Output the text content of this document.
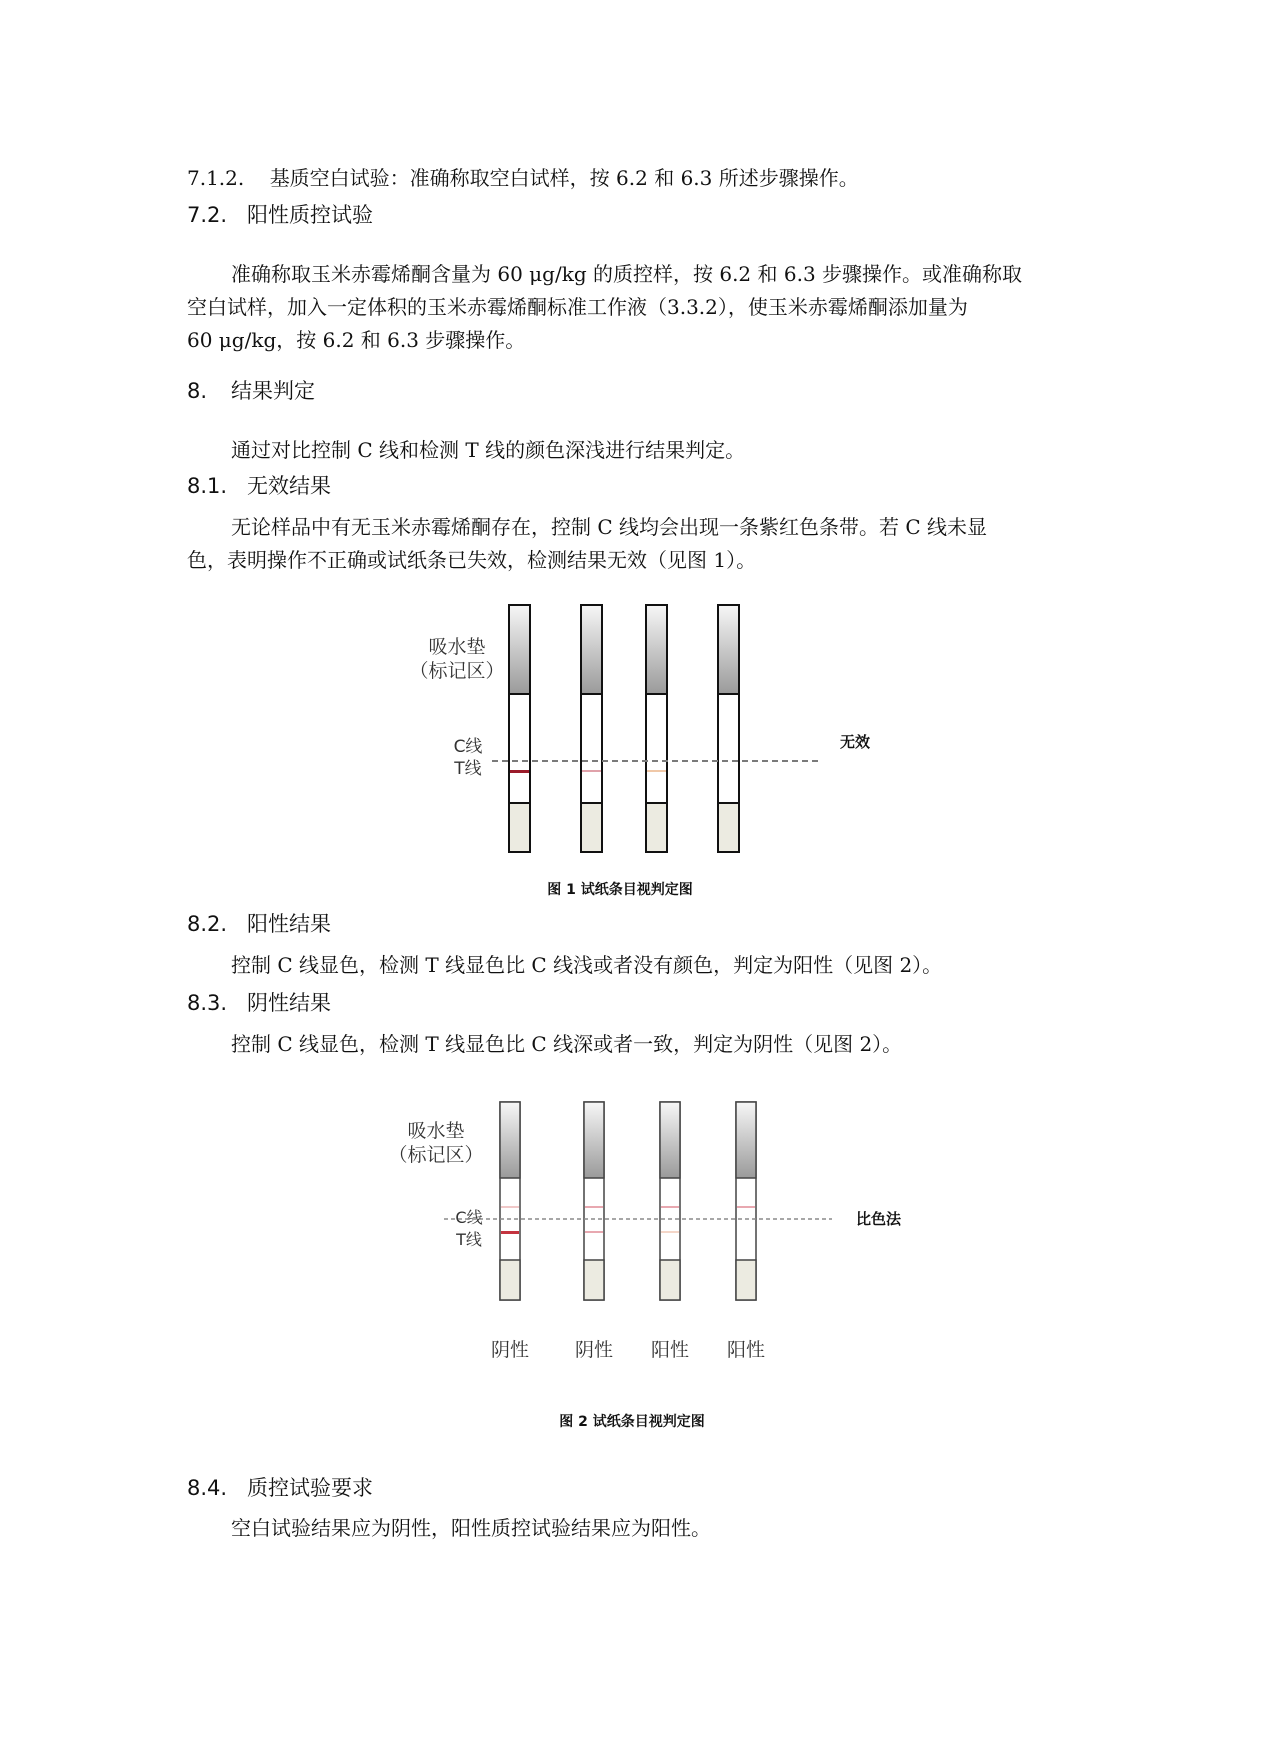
7.1.2. 基质空白试验：准确称取空白试样，按 6.2 和 6.3 所述步骤操作。
7.2. 阳性质控试验
准确称取玉米赤霉烯酮含量为 60 μg/kg 的质控样，按 6.2 和 6.3 步骤操作。或准确称取
空白试样，加入一定体积的玉米赤霉烯酮标准工作液（3.3.2），使玉米赤霉烯酮添加量为
60 μg/kg，按 6.2 和 6.3 步骤操作。
8. 结果判定
通过对比控制 C 线和检测 T 线的颜色深浅进行结果判定。
8.1. 无效结果
无论样品中有无玉米赤霉烯酮存在，控制 C 线均会出现一条紫红色条带。若 C 线未显
色，表明操作不正确或试纸条已失效，检测结果无效（见图 1）。
吸水垫
（标记区）
C线
T线
无效
图 1 试纸条目视判定图
8.2. 阳性结果
控制 C 线显色，检测 T 线显色比 C 线浅或者没有颜色，判定为阳性（见图 2）。
8.3. 阴性结果
控制 C 线显色，检测 T 线显色比 C 线深或者一致，判定为阴性（见图 2）。
吸水垫
（标记区）
C线
T线
比色法
阴性 阴性 阳性 阳性
图 2 试纸条目视判定图
8.4. 质控试验要求
空白试验结果应为阴性，阳性质控试验结果应为阳性。
